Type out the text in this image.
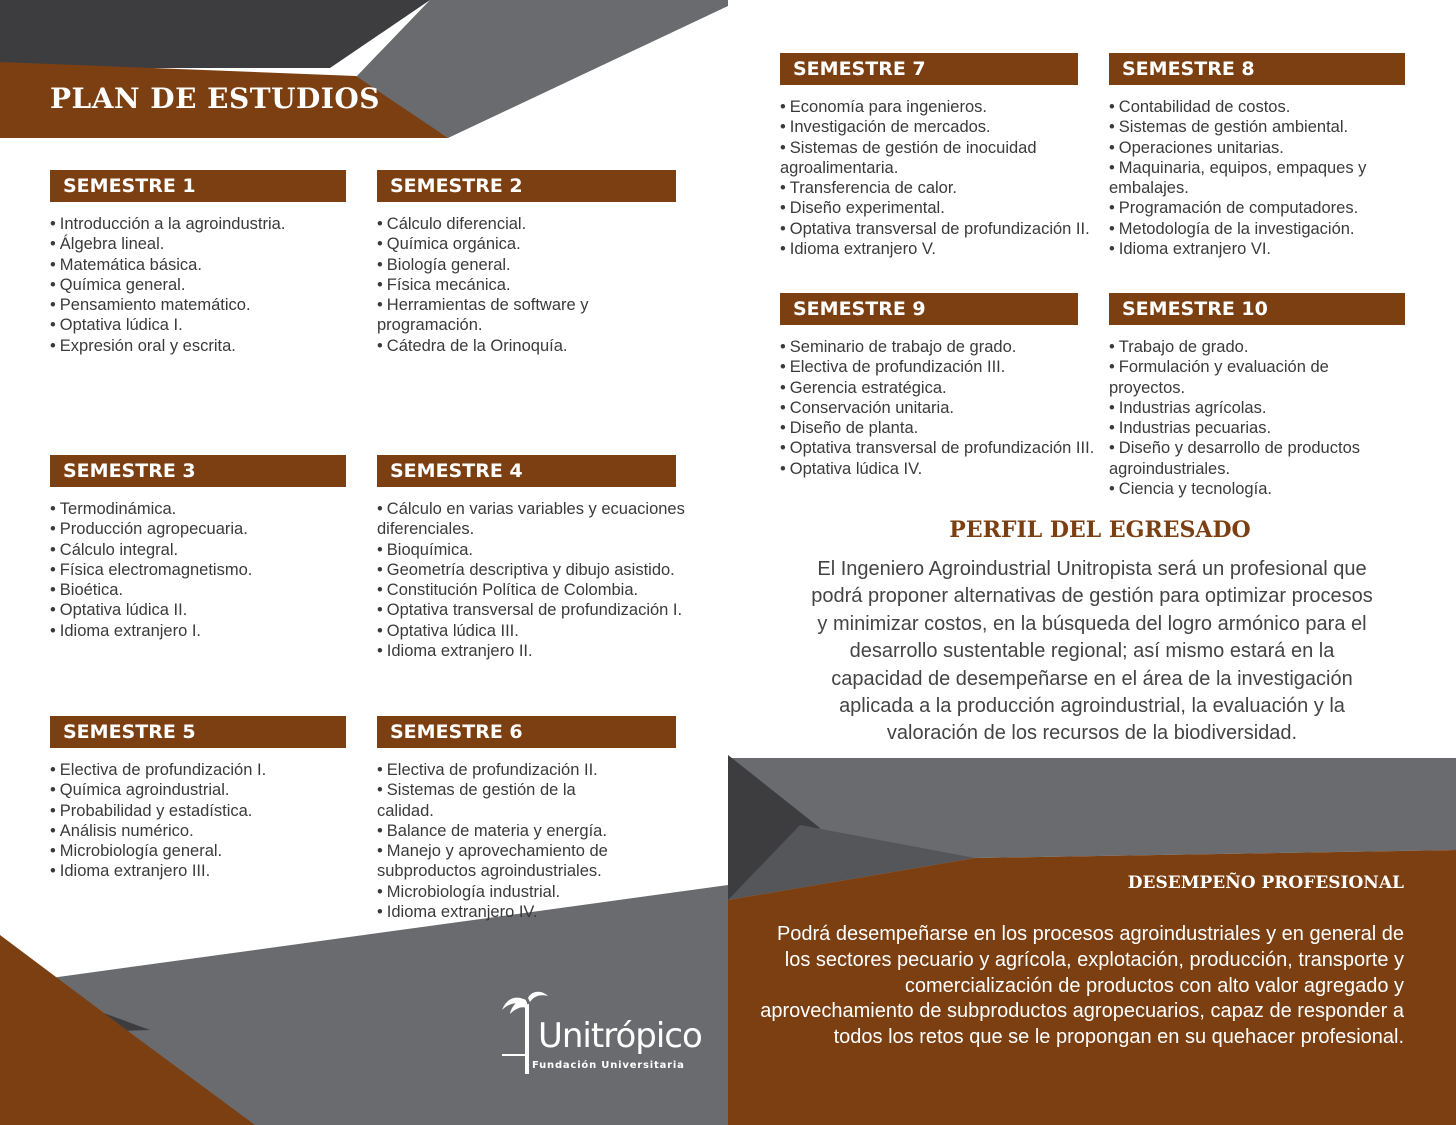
PLAN DE ESTUDIOS
SEMESTRE 1
• Introducción a la agroindustria.
• Álgebra lineal.
• Matemática básica.
• Química general.
• Pensamiento matemático.
• Optativa lúdica I.
• Expresión oral y escrita.
SEMESTRE 2
• Cálculo diferencial.
• Química orgánica.
• Biología general.
• Física mecánica.
• Herramientas de software y programación.
• Cátedra de la Orinoquía.
SEMESTRE 3
• Termodinámica.
• Producción agropecuaria.
• Cálculo integral.
• Física electromagnetismo.
• Bioética.
• Optativa lúdica II.
• Idioma extranjero I.
SEMESTRE 4
• Cálculo en varias variables y ecuaciones diferenciales.
• Bioquímica.
• Geometría descriptiva y dibujo asistido.
• Constitución Política de Colombia.
• Optativa transversal de profundización I.
• Optativa lúdica III.
• Idioma extranjero II.
SEMESTRE 5
• Electiva de profundización I.
• Química agroindustrial.
• Probabilidad y estadística.
• Análisis numérico.
• Microbiología general.
• Idioma extranjero III.
SEMESTRE 6
• Electiva de profundización II.
• Sistemas de gestión de la calidad.
• Balance de materia y energía.
• Manejo y aprovechamiento de subproductos agroindustriales.
• Microbiología industrial.
• Idioma extranjero IV.
SEMESTRE 7
• Economía para ingenieros.
• Investigación de mercados.
• Sistemas de gestión de inocuidad agroalimentaria.
• Transferencia de calor.
• Diseño experimental.
• Optativa transversal de profundización II.
• Idioma extranjero V.
SEMESTRE 8
• Contabilidad de costos.
• Sistemas de gestión ambiental.
• Operaciones unitarias.
• Maquinaria, equipos, empaques y embalajes.
• Programación de computadores.
• Metodología de la investigación.
• Idioma extranjero VI.
SEMESTRE 9
• Seminario de trabajo de grado.
• Electiva de profundización III.
• Gerencia estratégica.
• Conservación unitaria.
• Diseño de planta.
• Optativa transversal de profundización III.
• Optativa lúdica IV.
SEMESTRE 10
• Trabajo de grado.
• Formulación y evaluación de proyectos.
• Industrias agrícolas.
• Industrias pecuarias.
• Diseño y desarrollo de productos agroindustriales.
• Ciencia y tecnología.
PERFIL DEL EGRESADO

El Ingeniero Agroindustrial Unitropista será un profesional que podrá proponer alternativas de gestión para optimizar procesos y minimizar costos, en la búsqueda del logro armónico para el desarrollo sustentable regional; así mismo estará en la capacidad de desempeñarse en el área de la investigación aplicada a la producción agroindustrial, la evaluación y la valoración de los recursos de la biodiversidad.

DESEMPEÑO PROFESIONAL

Podrá desempeñarse en los procesos agroindustriales y en general de los sectores pecuario y agrícola, explotación, producción, transporte y comercialización de productos con alto valor agregado y aprovechamiento de subproductos agropecuarios, capaz de responder a todos los retos que se le propongan en su quehacer profesional.

Unitrópico
Fundación Universitaria
